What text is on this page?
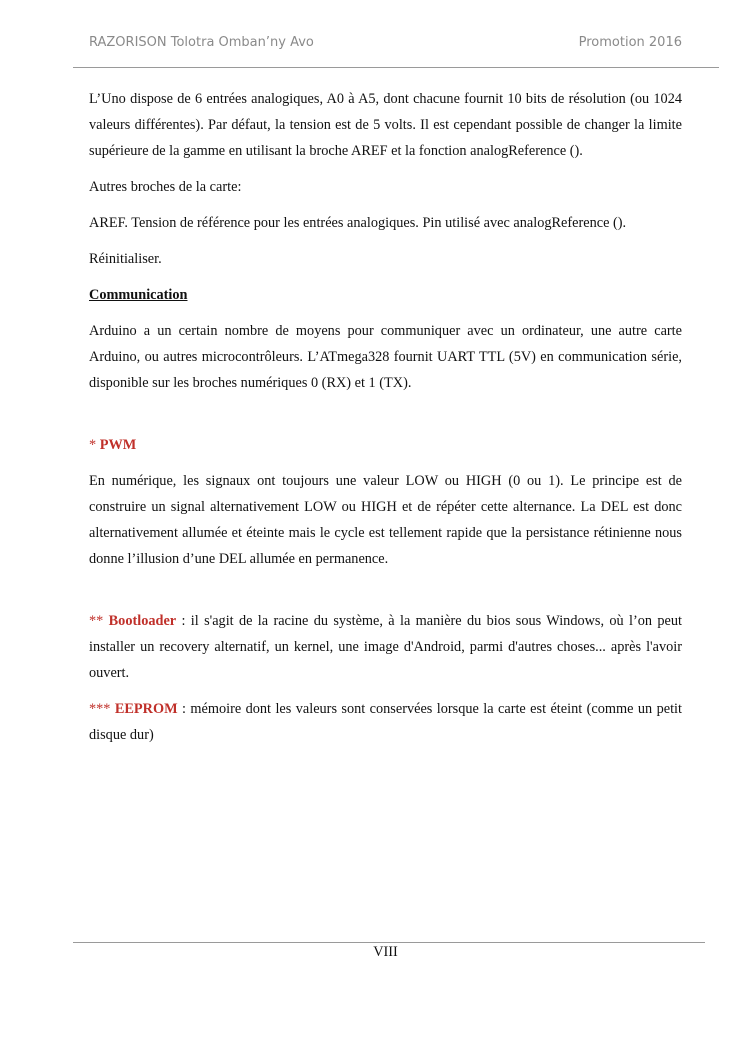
RAZORISON Tolotra Omban’ny Avo	Promotion 2016

L’Uno dispose de 6 entrées analogiques, A0 à A5, dont chacune fournit 10 bits de résolution (ou 1024 valeurs différentes). Par défaut, la tension est de 5 volts. Il est cependant possible de changer la limite supérieure de la gamme en utilisant la broche AREF et la fonction analogReference ().

Autres broches de la carte:

AREF. Tension de référence pour les entrées analogiques. Pin utilisé avec analogReference ().

Réinitialiser.

Communication

Arduino a un certain nombre de moyens pour communiquer avec un ordinateur, une autre carte Arduino, ou autres microcontrôleurs. L’ATmega328 fournit UART TTL (5V) en communication série, disponible sur les broches numériques 0 (RX) et 1 (TX).

* PWM

En numérique, les signaux ont toujours une valeur LOW ou HIGH (0 ou 1). Le principe est de construire un signal alternativement LOW ou HIGH et de répéter cette alternance. La DEL est donc alternativement allumée et éteinte mais le cycle est tellement rapide que la persistance rétinienne nous donne l’illusion d’une DEL allumée en permanence.

** Bootloader : il s'agit de la racine du système, à la manière du bios sous Windows, où l’on peut installer un recovery alternatif, un kernel, une image d'Android, parmi d'autres choses... après l'avoir ouvert.

*** EEPROM : mémoire dont les valeurs sont conservées lorsque la carte est éteint (comme un petit disque dur)

VIII
